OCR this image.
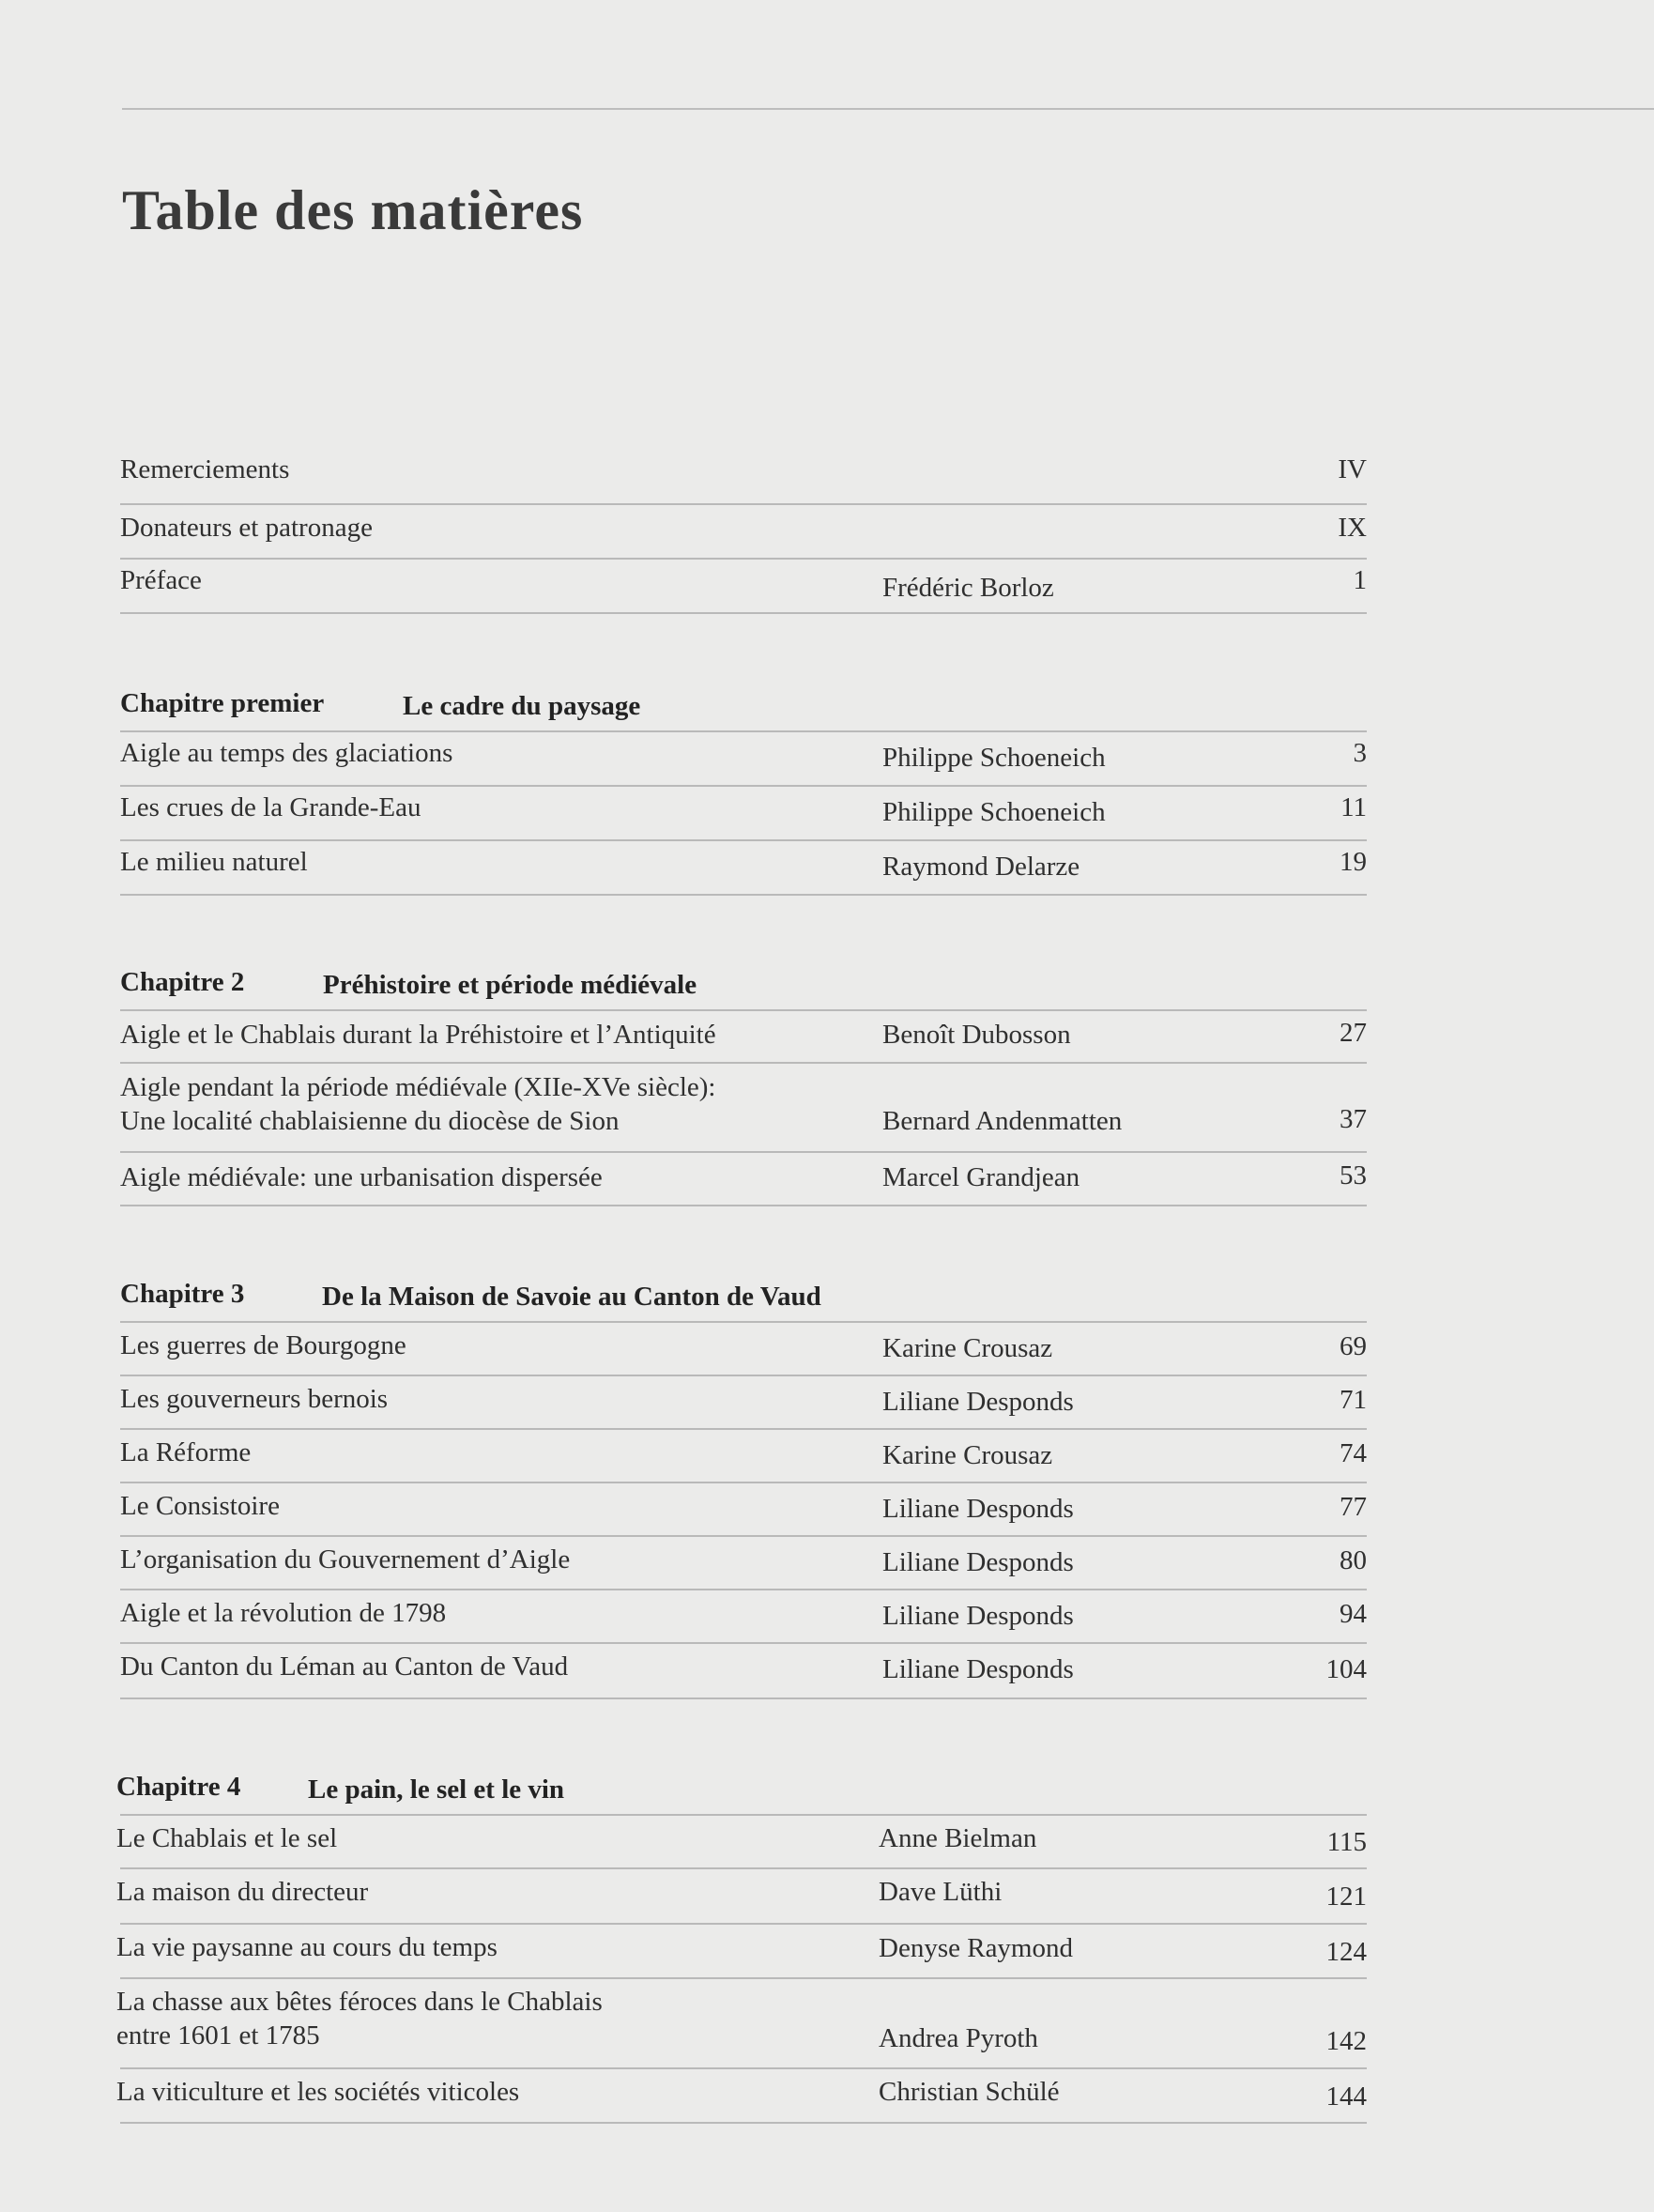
Table des matières
Remerciements	IV
Donateurs et patronage	IX
Préface	Frédéric Borloz	1
Chapitre premier	Le cadre du paysage
Aigle au temps des glaciations	Philippe Schoeneich	3
Les crues de la Grande-Eau	Philippe Schoeneich	11
Le milieu naturel	Raymond Delarze	19
Chapitre 2	Préhistoire et période médiévale
Aigle et le Chablais durant la Préhistoire et l’Antiquité	Benoît Dubosson	27
Aigle pendant la période médiévale (XIIe-XVe siècle):
Une localité chablaisienne du diocèse de Sion	Bernard Andenmatten	37
Aigle médiévale: une urbanisation dispersée	Marcel Grandjean	53
Chapitre 3	De la Maison de Savoie au Canton de Vaud
Les guerres de Bourgogne	Karine Crousaz	69
Les gouverneurs bernois	Liliane Desponds	71
La Réforme	Karine Crousaz	74
Le Consistoire	Liliane Desponds	77
L’organisation du Gouvernement d’Aigle	Liliane Desponds	80
Aigle et la révolution de 1798	Liliane Desponds	94
Du Canton du Léman au Canton de Vaud	Liliane Desponds	104
Chapitre 4 Le pain, le sel et le vin
Le Chablais et le sel	Anne Bielman	115
La maison du directeur	Dave Lüthi	121
La vie paysanne au cours du temps	Denyse Raymond	124
La chasse aux bêtes féroces dans le Chablais
entre 1601 et 1785	Andrea Pyroth	142
La viticulture et les sociétés viticoles	Christian Schülé	144
